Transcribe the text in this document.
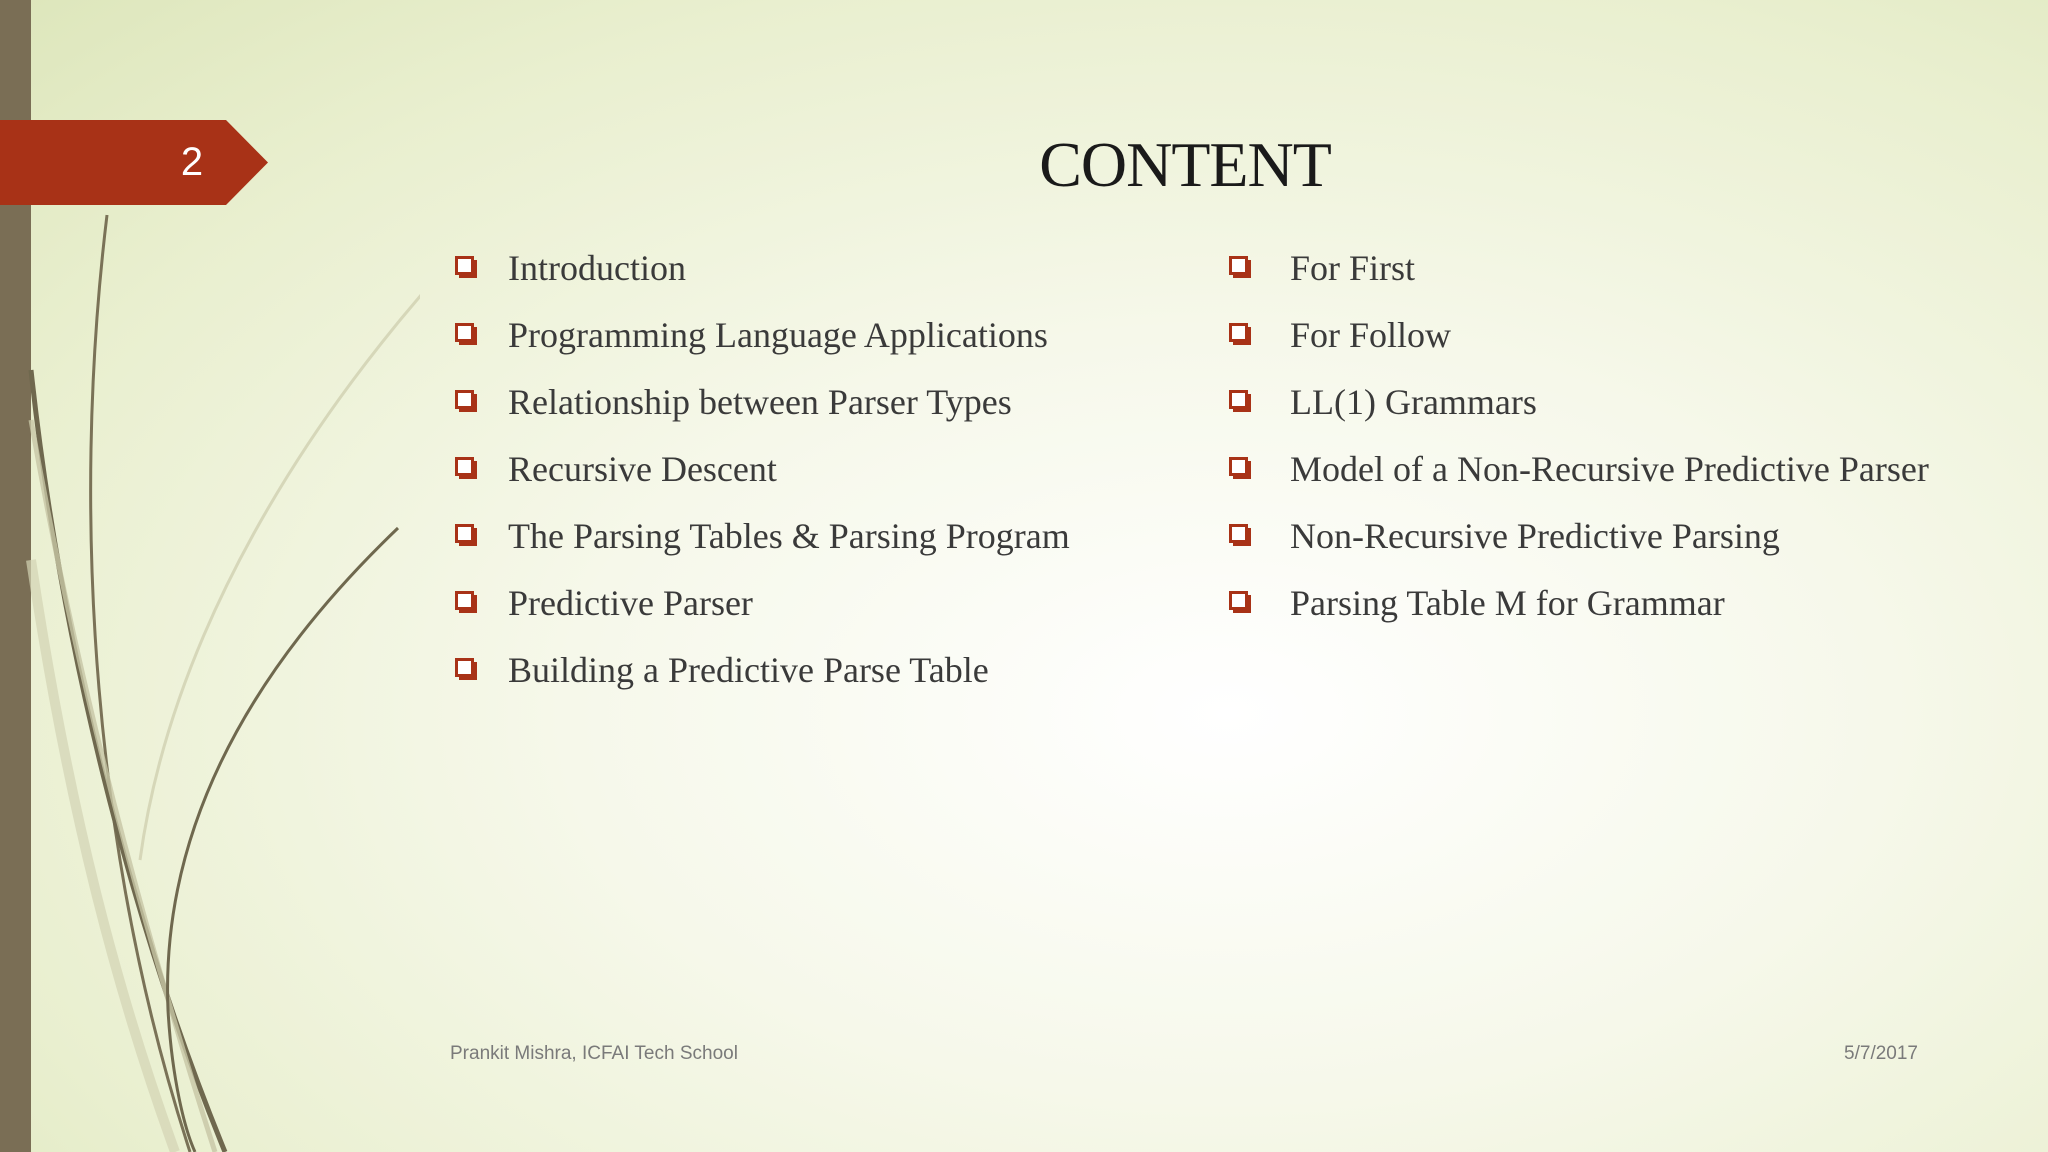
2	CONTENT
Introduction
Programming Language Applications
Relationship between Parser Types
Recursive Descent
The Parsing Tables & Parsing Program
Predictive Parser
Building a Predictive Parse Table
For First
For Follow
LL(1) Grammars
Model of a Non-Recursive Predictive Parser
Non-Recursive Predictive Parsing
Parsing Table M for Grammar
Prankit Mishra, ICFAI Tech School	5/7/2017
